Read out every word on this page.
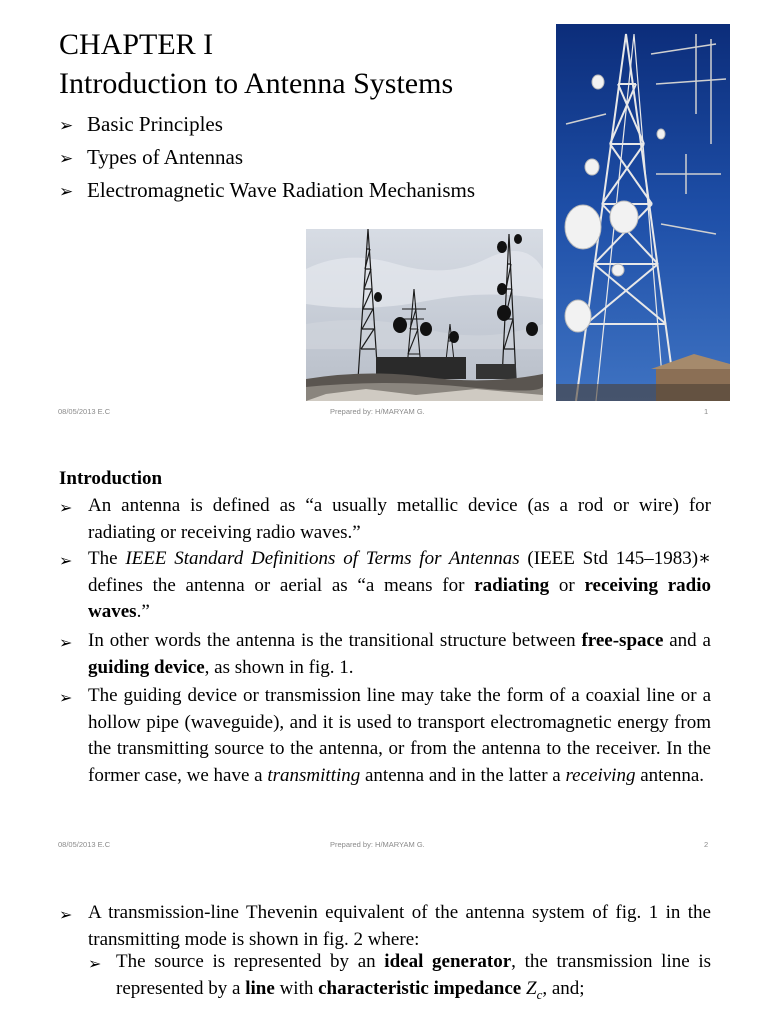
CHAPTER I
Introduction to Antenna Systems
➢ Basic Principles
➢ Types of Antennas
➢ Electromagnetic Wave Radiation Mechanisms
08/05/2013 E.C	Prepared by: H/MARYAM G.	1
Introduction
➢ An antenna is defined as “a usually metallic device (as a rod or wire) for radiating or receiving radio waves.”
➢ The IEEE Standard Definitions of Terms for Antennas (IEEE Std 145–1983)∗ defines the antenna or aerial as “a means for radiating or receiving radio waves.”
➢ In other words the antenna is the transitional structure between free-space and a guiding device, as shown in fig. 1.
➢ The guiding device or transmission line may take the form of a coaxial line or a hollow pipe (waveguide), and it is used to transport electromagnetic energy from the transmitting source to the antenna, or from the antenna to the receiver. In the former case, we have a transmitting antenna and in the latter a receiving antenna.
08/05/2013 E.C	Prepared by: H/MARYAM G.	2
➢ A transmission-line Thevenin equivalent of the antenna system of fig. 1 in the transmitting mode is shown in fig. 2 where:
➢ The source is represented by an ideal generator, the transmission line is represented by a line with characteristic impedance $Z_c$, and;
